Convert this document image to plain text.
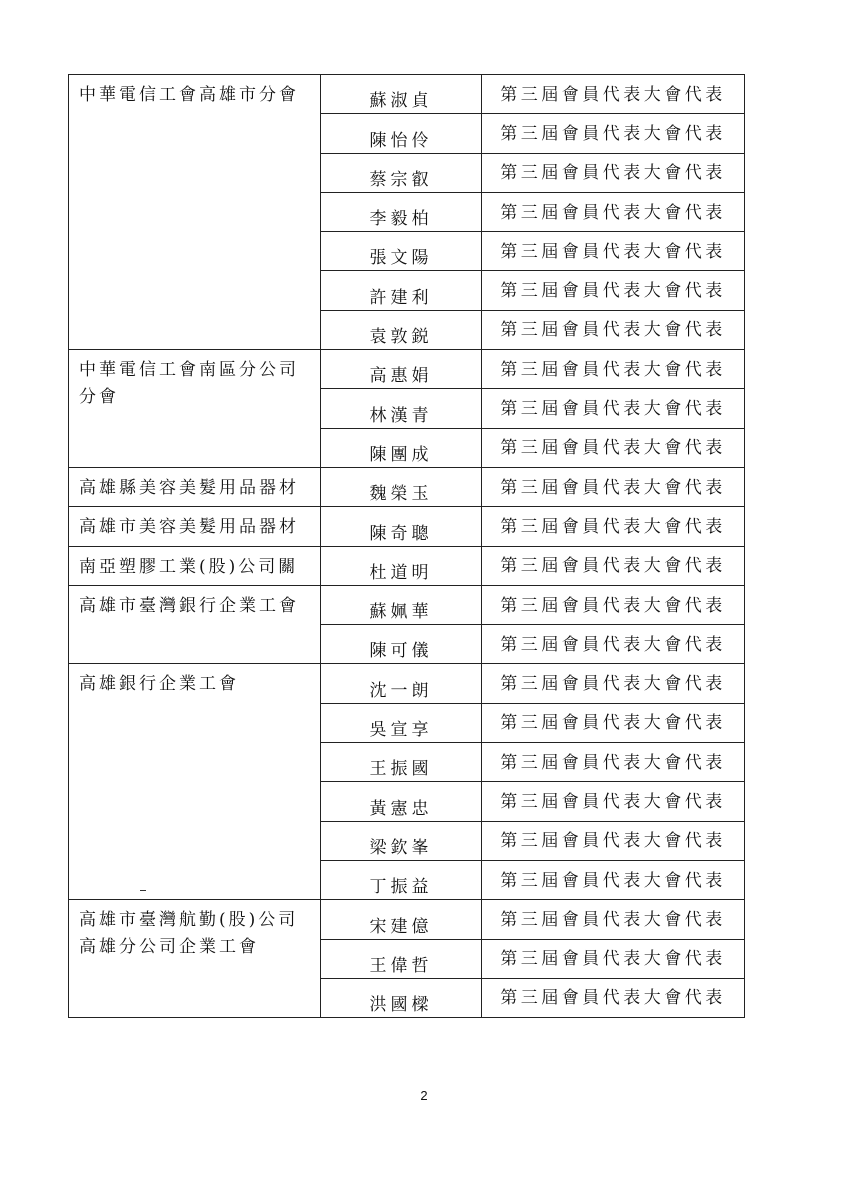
中華電信工會高雄市分會	蘇淑貞	第三屆會員代表大會代表
	陳怡伶	第三屆會員代表大會代表
	蔡宗叡	第三屆會員代表大會代表
	李毅柏	第三屆會員代表大會代表
	張文陽	第三屆會員代表大會代表
	許建利	第三屆會員代表大會代表
	袁敦鋭	第三屆會員代表大會代表

中華電信工會南區分公司
分會	高惠娟	第三屆會員代表大會代表
	林漢青	第三屆會員代表大會代表
	陳團成	第三屆會員代表大會代表

高雄縣美容美髮用品器材	魏榮玉	第三屆會員代表大會代表

高雄市美容美髮用品器材	陳奇聰	第三屆會員代表大會代表

南亞塑膠工業(股)公司關	杜道明	第三屆會員代表大會代表

高雄市臺灣銀行企業工會	蘇姵華	第三屆會員代表大會代表
	陳可儀	第三屆會員代表大會代表

高雄銀行企業工會	沈一朗	第三屆會員代表大會代表
	吳宣享	第三屆會員代表大會代表
	王振國	第三屆會員代表大會代表
	黃憲忠	第三屆會員代表大會代表
	梁欽峯	第三屆會員代表大會代表
	丁振益	第三屆會員代表大會代表

高雄市臺灣航勤(股)公司
高雄分公司企業工會	宋建億	第三屆會員代表大會代表
	王偉哲	第三屆會員代表大會代表
	洪國樑	第三屆會員代表大會代表
2
